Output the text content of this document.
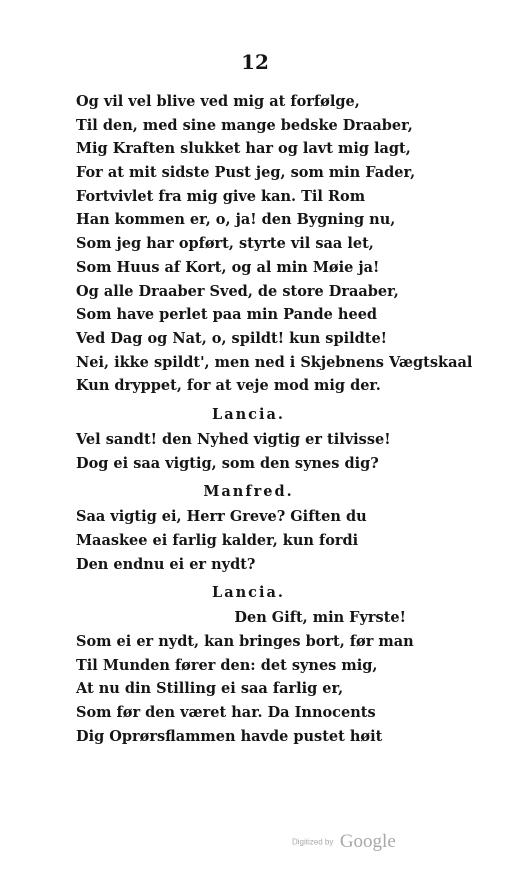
12
Og vil vel blive ved mig at forfølge,
Til den, med sine mange bedske Draaber,
Mig Kraften slukket har og lavt mig lagt,
For at mit sidste Pust jeg, som min Fader,
Fortvivlet fra mig give kan. Til Rom
Han kommen er, o, ja! den Bygning nu,
Som jeg har opført, styrte vil saa let,
Som Huus af Kort, og al min Møie ja!
Og alle Draaber Sved, de store Draaber,
Som have perlet paa min Pande heed
Ved Dag og Nat, o, spildt! kun spildte!
Nei, ikke spildt', men ned i Skjebnens Vægtskaal
Kun dryppet, for at veje mod mig der.
Lancia.
Vel sandt! den Nyhed vigtig er tilvisse!
Dog ei saa vigtig, som den synes dig?
Manfred.
Saa vigtig ei, Herr Greve? Giften du
Maaskee ei farlig kalder, kun fordi
Den endnu ei er nydt?
Lancia.
Den Gift, min Fyrste!
Som ei er nydt, kan bringes bort, før man
Til Munden fører den: det synes mig,
At nu din Stilling ei saa farlig er,
Som før den været har. Da Innocents
Dig Oprørsflammen havde pustet høit
Digitized by Google
